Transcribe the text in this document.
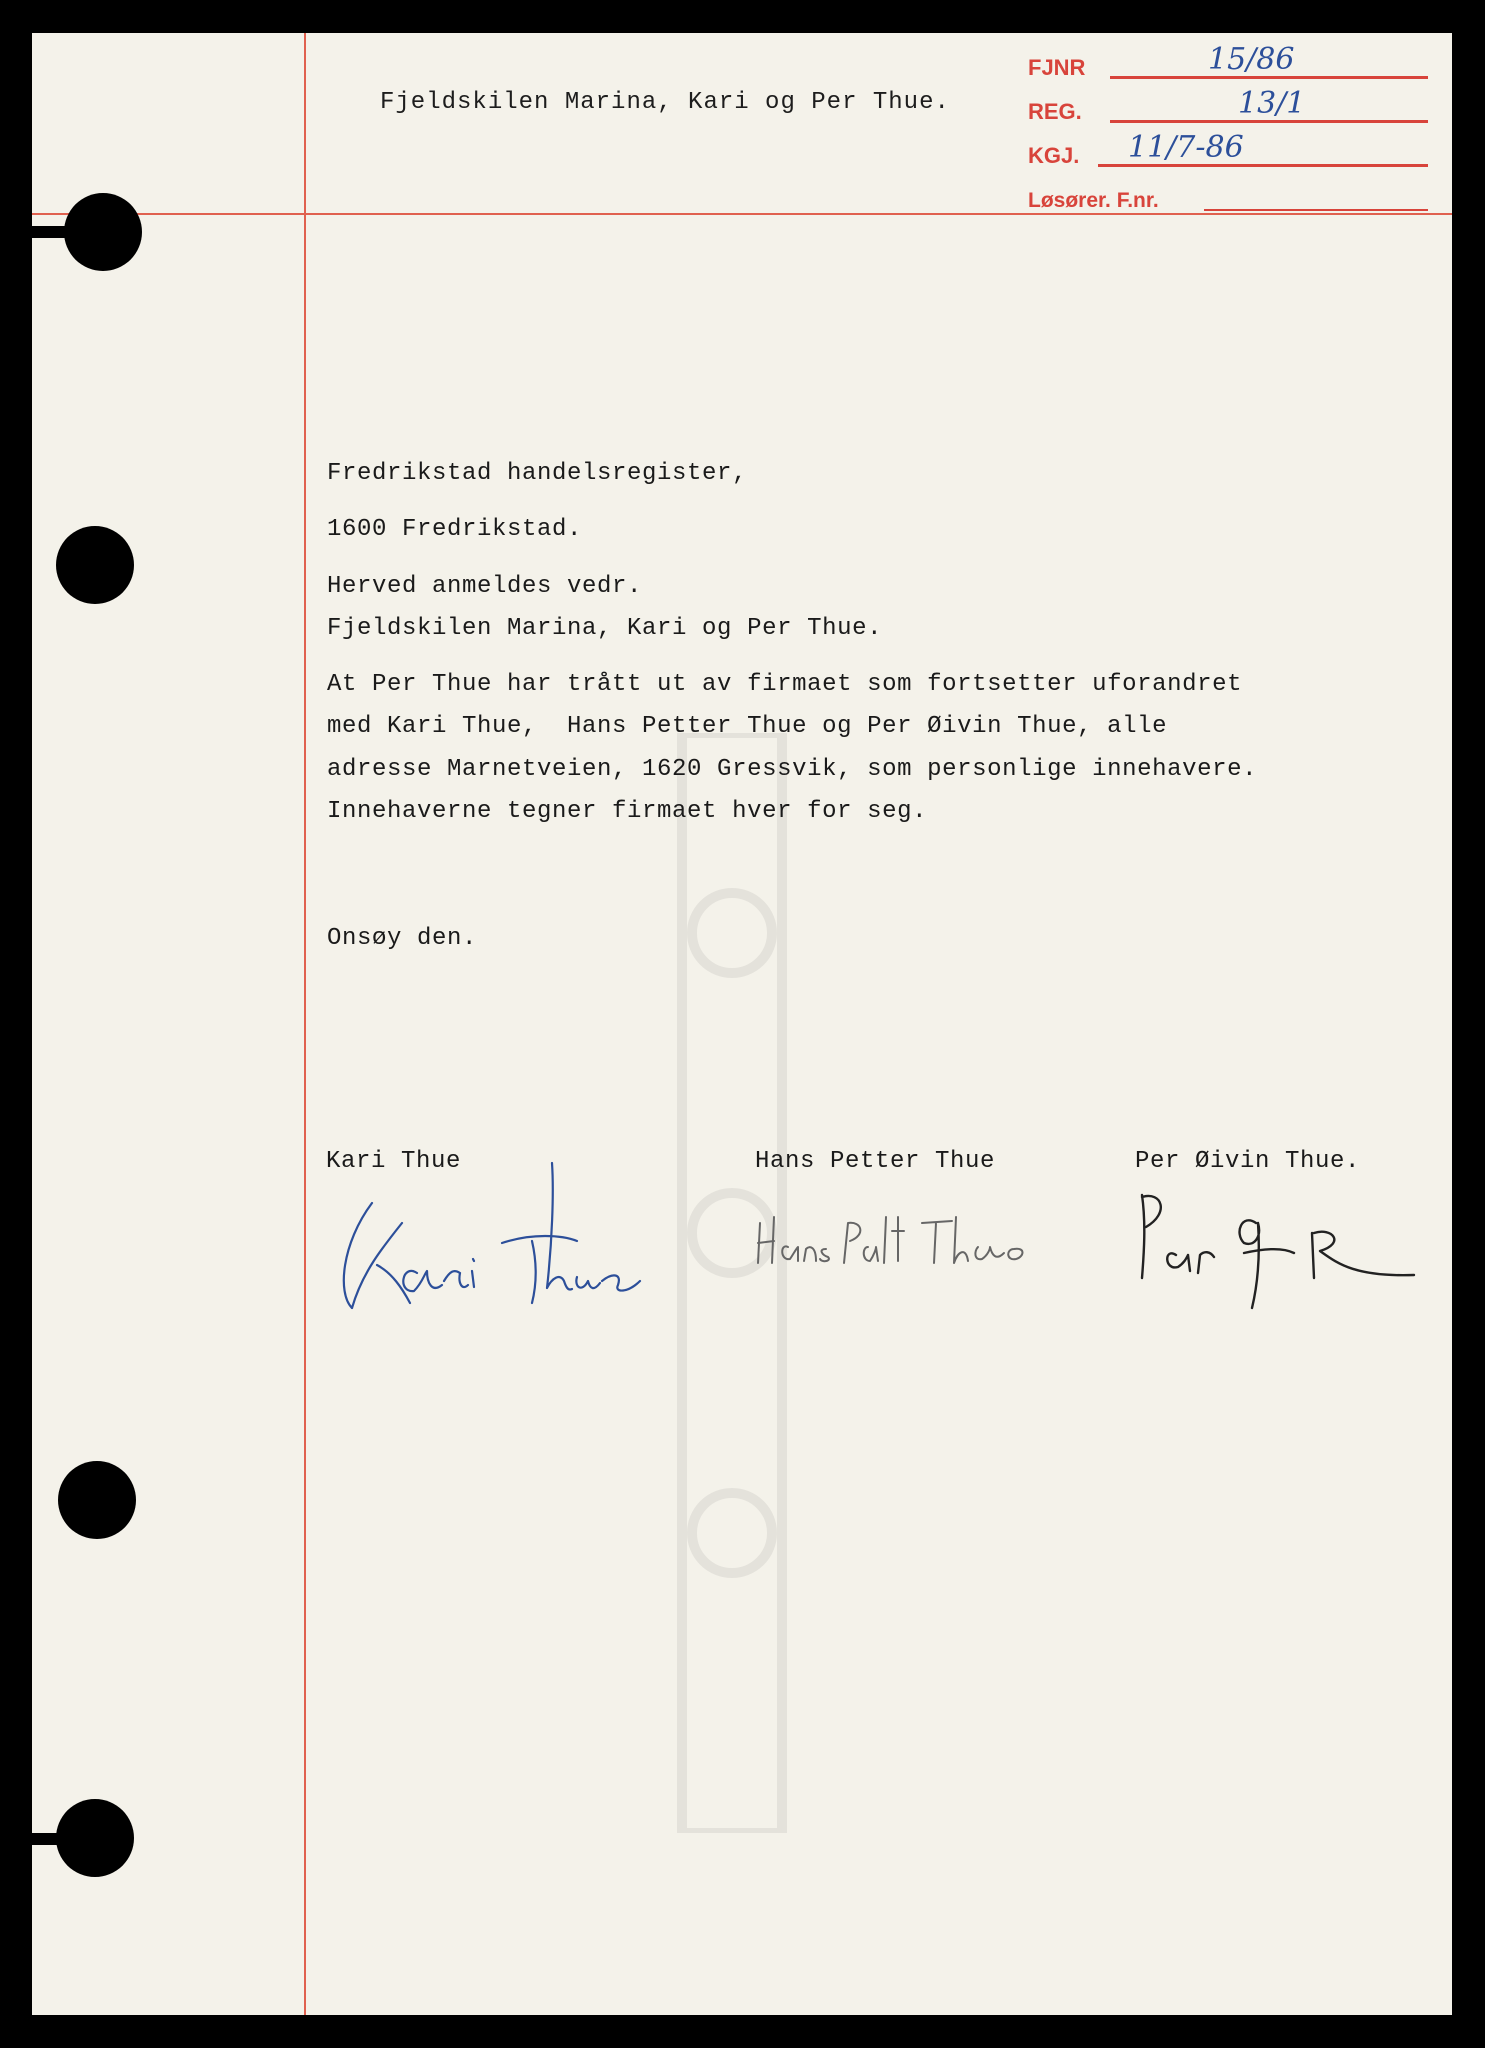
Fjeldskilen Marina, Kari og Per Thue.
FJNR	15/86
REG.	13/1
KGJ. 11/7-86
Løsører. F.nr.
Fredrikstad handelsregister,
1600 Fredrikstad.
Herved anmeldes vedr.
Fjeldskilen Marina, Kari og Per Thue.
At Per Thue har trått ut av firmaet som fortsetter uforandret
med Kari Thue,  Hans Petter Thue og Per Øivin Thue, alle
adresse Marnetveien, 1620 Gressvik, som personlige innehavere.
Innehaverne tegner firmaet hver for seg.
Onsøy den.
Kari Thue	Hans Petter Thue	Per Øivin Thue.
